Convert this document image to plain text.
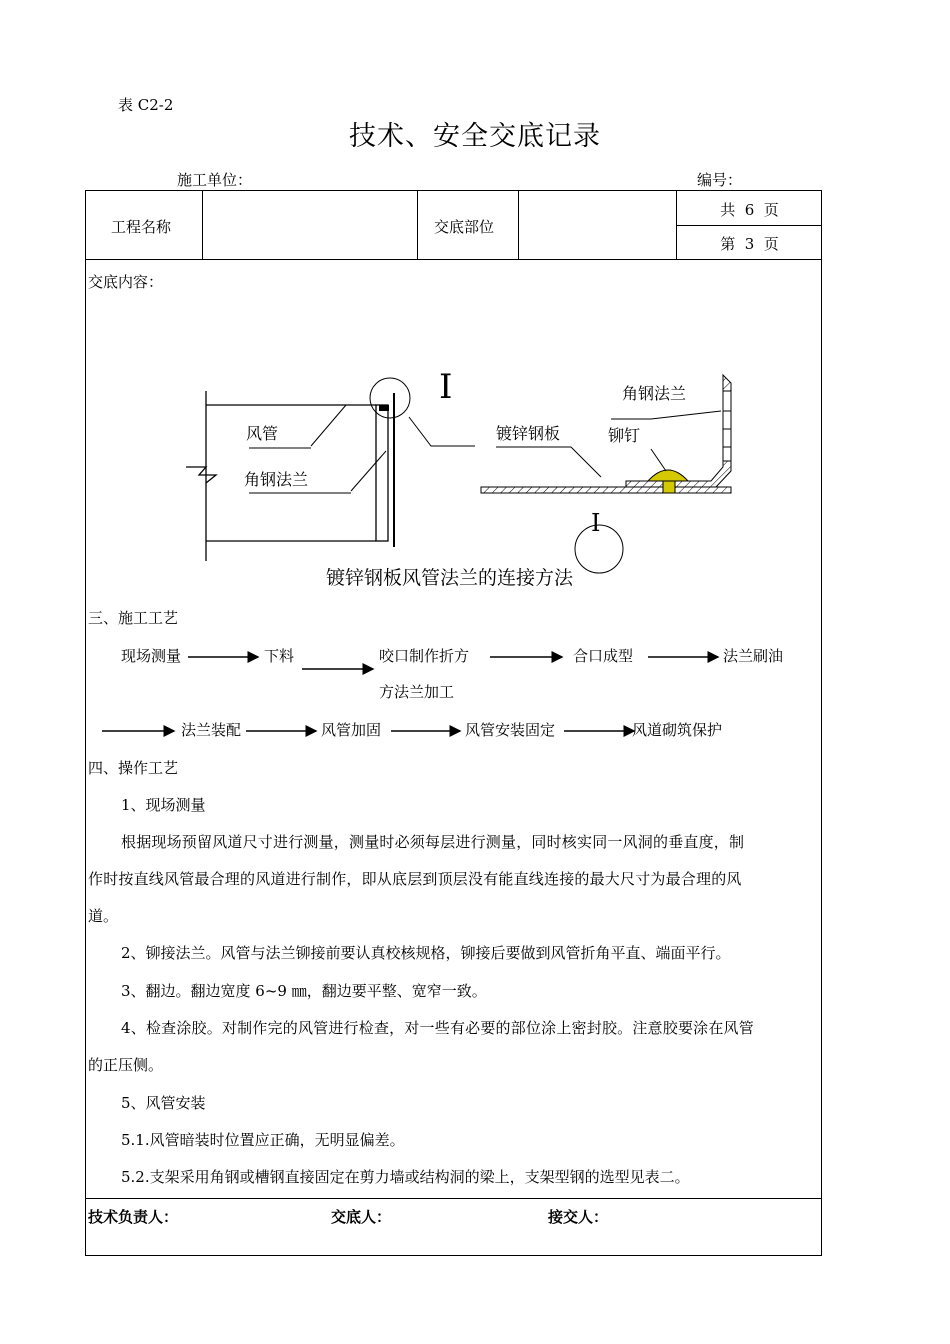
表 C2-2
技术、安全交底记录
施工单位：	编号：
工程名称	交底部位
共  6  页
第  3  页
交底内容：
风管
角钢法兰
I
镀锌钢板	铆钉
角钢法兰
I
镀锌钢板风管法兰的连接方法
三、施工工艺
现场测量	下料	咬口制作折方
方法兰加工
合口成型	法兰刷油
法兰装配	风管加固	风管安装固定	风道砌筑保护
四、操作工艺
1、现场测量
根据现场预留风道尺寸进行测量，测量时必须每层进行测量，同时核实同一风洞的垂直度，制
作时按直线风管最合理的风道进行制作，即从底层到顶层没有能直线连接的最大尺寸为最合理的风
道。
2、铆接法兰。风管与法兰铆接前要认真校核规格，铆接后要做到风管折角平直、端面平行。
3、翻边。翻边宽度 6~9 ㎜，翻边要平整、宽窄一致。
4、检查涂胶。对制作完的风管进行检查，对一些有必要的部位涂上密封胶。注意胶要涂在风管
的正压侧。
5、风管安装
5.1.风管暗装时位置应正确，无明显偏差。
5.2.支架采用角钢或槽钢直接固定在剪力墙或结构洞的梁上，支架型钢的选型见表二。
技术负责人：	交底人：	接交人：
